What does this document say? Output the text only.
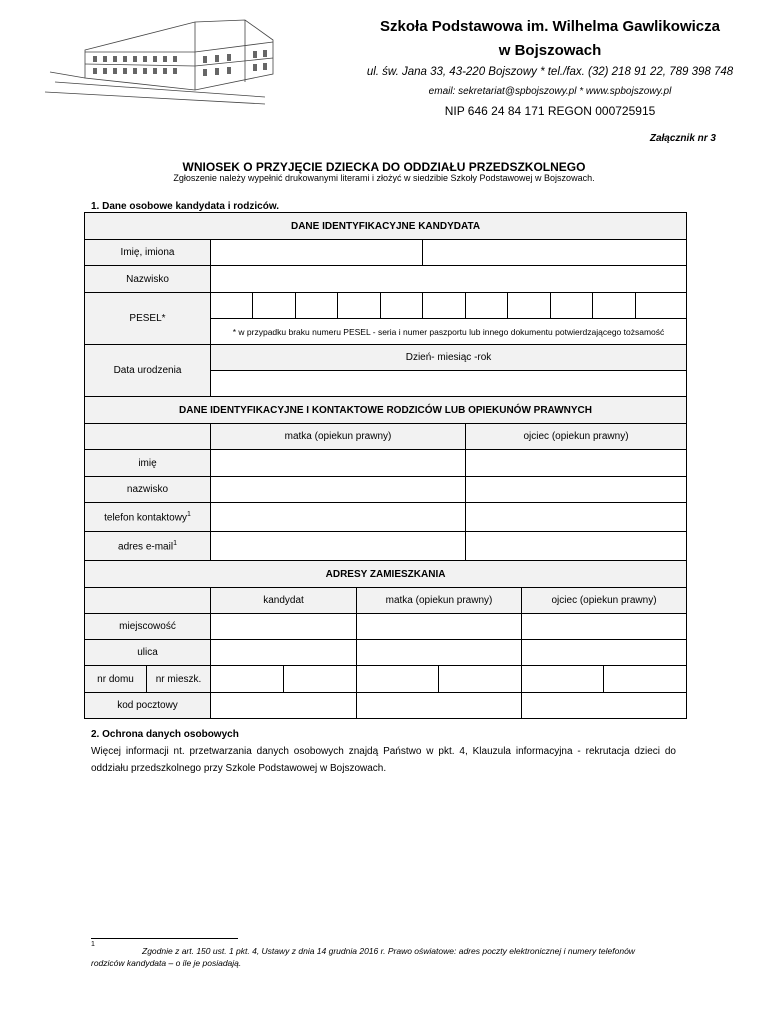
Szkoła Podstawowa im. Wilhelma Gawlikowicza
w Bojszowach
ul. św. Jana 33, 43-220 Bojszowy * tel./fax. (32) 218 91 22, 789 398 748
email: sekretariat@spbojszowy.pl * www.spbojszowy.pl
NIP 646 24 84 171 REGON 000725915
Załącznik nr 3
WNIOSEK O PRZYJĘCIE DZIECKA DO ODDZIAŁU PRZEDSZKOLNEGO
Zgłoszenie należy wypełnić drukowanymi literami i złożyć w siedzibie Szkoły Podstawowej w Bojszowach.
1. Dane osobowe kandydata i rodziców.
DANE IDENTYFIKACYJNE KANDYDATA											
Imię, imiona											
Nazwisko											
PESEL*											
	* w przypadku braku numeru PESEL - seria i numer paszportu lub innego dokumentu potwierdzającego tożsamość										
Data urodzenia	Dzień- miesiąc -rok										

DANE IDENTYFIKACYJNE I KONTAKTOWE RODZICÓW LUB OPIEKUNÓW PRAWNYCH											
	matka (opiekun prawny)						ojciec (opiekun prawny)				
imię											
nazwisko											
telefon kontaktowy$^1$		
adres e-mail$^1$		
ADRESY ZAMIESZKANIA							
		kandydat		matka (opiekun prawny)		ojciec (opiekun prawny)	
miejscowość							
ulica							
nr domu	nr mieszk.						
kod pocztowy							
2. Ochrona danych osobowych
Więcej informacji nt. przetwarzania danych osobowych znajdą Państwo w pkt. 4, Klauzula informacyjna - rekrutacja dzieci do oddziału przedszkolnego przy Szkole Podstawowej w Bojszowach.
1
Zgodnie z art. 150 ust. 1 pkt. 4, Ustawy z dnia 14 grudnia 2016 r. Prawo oświatowe: adres poczty elektronicznej i numery telefonów
rodziców kandydata – o ile je posiadają.
